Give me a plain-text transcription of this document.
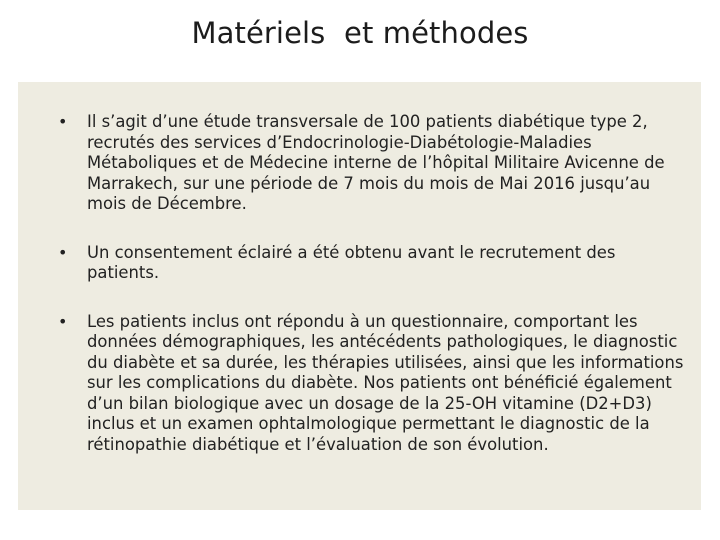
Matériels  et méthodes
• Il s’agit d’une étude transversale de 100 patients diabétique type 2, recrutés des services d’Endocrinologie-Diabétologie-Maladies Métaboliques et de Médecine interne de l’hôpital Militaire Avicenne de Marrakech, sur une période de 7 mois du mois de Mai 2016 jusqu’au mois de Décembre.
• Un consentement éclairé a été obtenu avant le recrutement des patients.
• Les patients inclus ont répondu à un questionnaire, comportant les données démographiques, les antécédents pathologiques, le diagnostic du diabète et sa durée, les thérapies utilisées, ainsi que les informations sur les complications du diabète. Nos patients ont bénéficié également d’un bilan biologique avec un dosage de la 25-OH vitamine (D2+D3) inclus et un examen ophtalmologique permettant le diagnostic de la rétinopathie diabétique et l’évaluation de son évolution.
